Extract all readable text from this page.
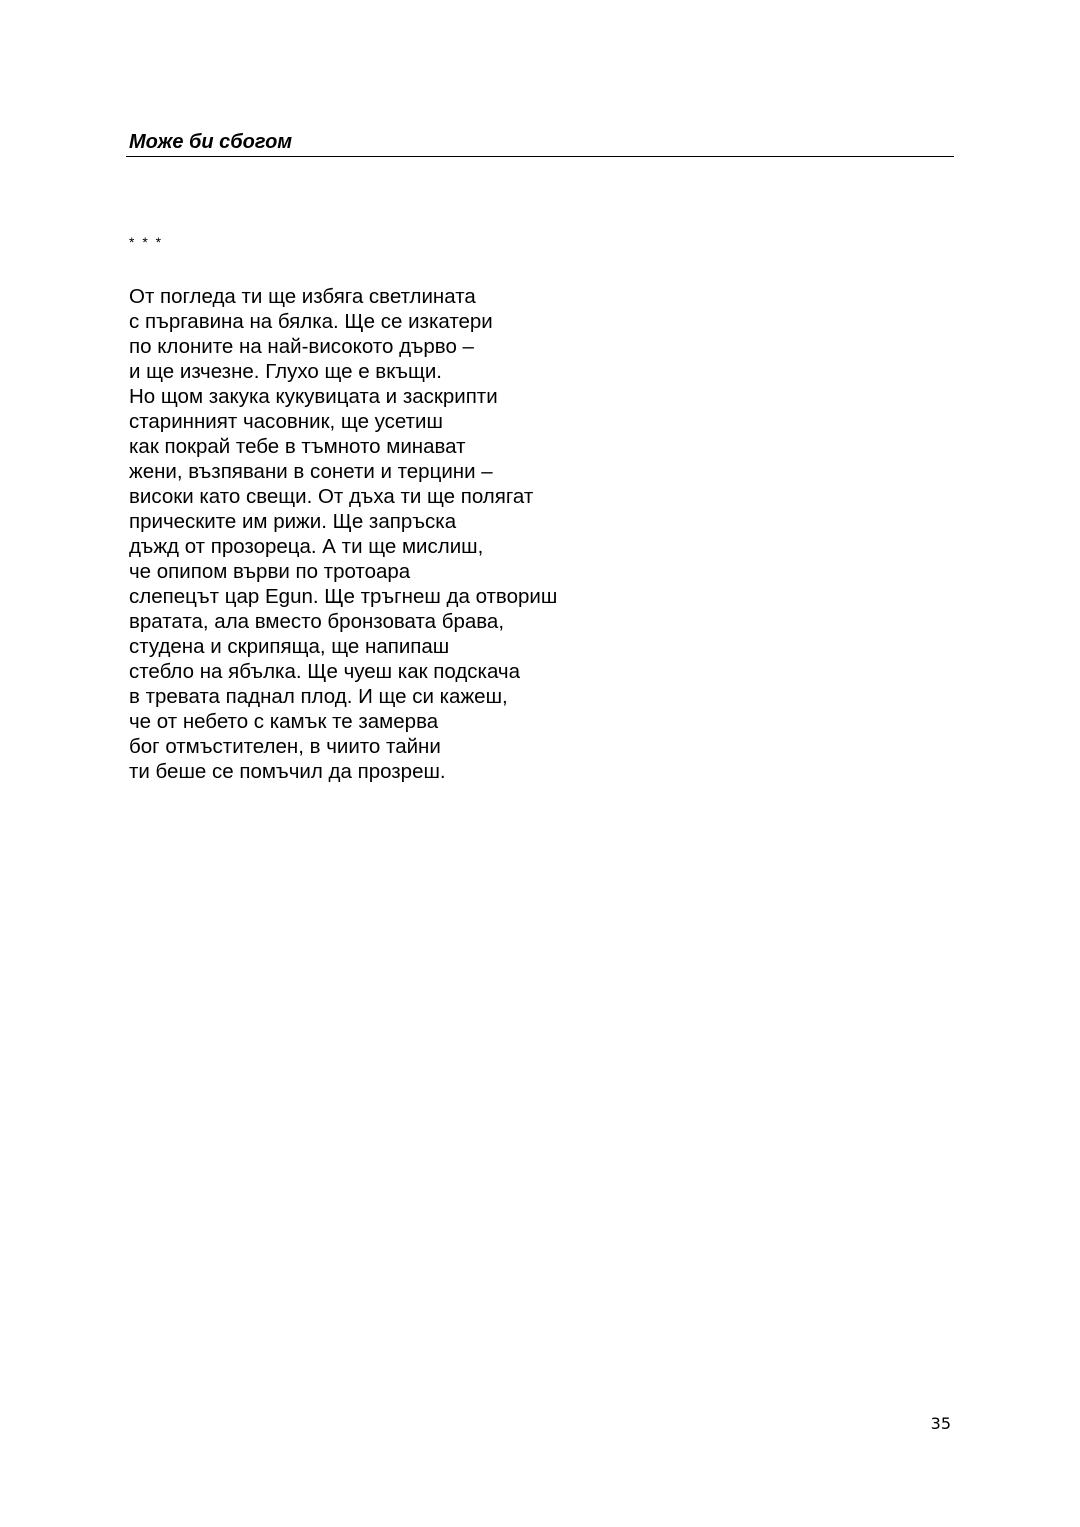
Може би сбогом
* * *
От погледа ти ще избяга светлината
с пъргавина на бялка. Ще се изкатери
по клоните на най-високото дърво –
и ще изчезне. Глухо ще е вкъщи.
Но щом закука кукувицата и заскрипти
старинният часовник, ще усетиш
как покрай тебе в тъмното минават
жени, възпявани в сонети и терцини –
високи като свещи. От дъха ти ще полягат
прическите им рижи. Ще запръска
дъжд от прозореца. А ти ще мислиш,
че опипом върви по тротоара
слепецът цар Egun. Ще тръгнеш да отвориш
вратата, ала вместо бронзовата брава,
студена и скрипяща, ще напипаш
стебло на ябълка. Ще чуеш как подскача
в тревата паднал плод. И ще си кажеш,
че от небето с камък те замерва
бог отмъстителен, в чиито тайни
ти беше се помъчил да прозреш.
35
